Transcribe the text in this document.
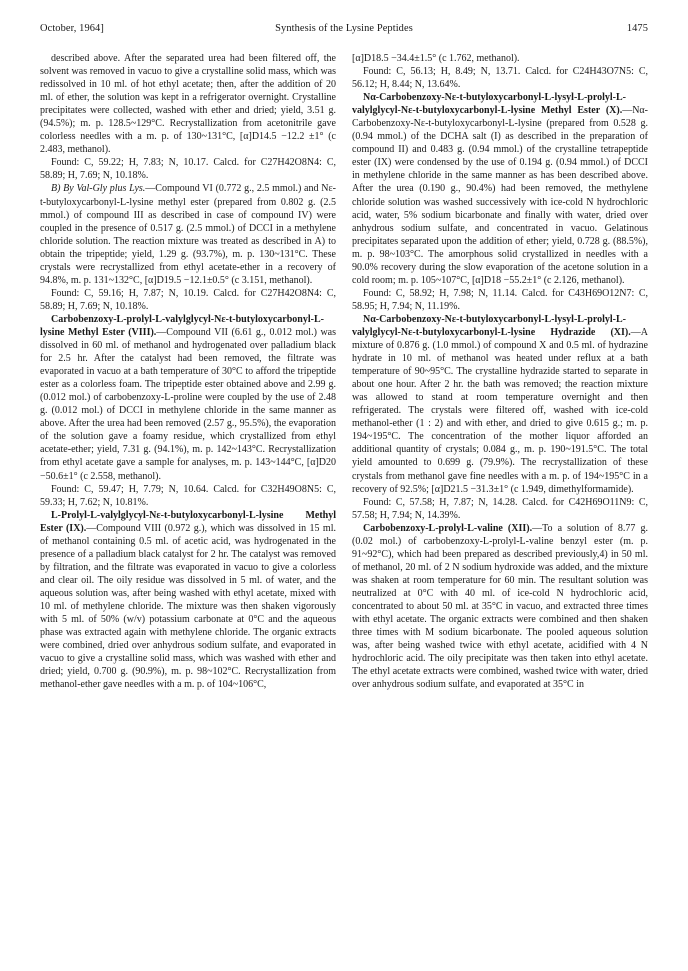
October, 1964]	Synthesis of the Lysine Peptides	1475

described above. After the separated urea had been filtered off, the solvent was removed in vacuo to give a crystalline solid mass, which was redissolved in 10 ml. of hot ethyl acetate; then, after the addition of 20 ml. of ether, the solution was kept in a refrigerator overnight. Crystalline precipitates were collected, washed with ether and dried; yield, 3.51 g. (94.5%); m. p. 128.5~129°C. Recrystallization from acetonitrile gave colorless needles with a m. p. of 130~131°C, [α]D14.5 −12.2 ±1° (c 2.483, methanol).

Found: C, 59.22; H, 7.83; N, 10.17. Calcd. for C27H42O8N4: C, 58.89; H, 7.69; N, 10.18%.

B) By Val-Gly plus Lys.—Compound VI (0.772 g., 2.5 mmol.) and Nε-t-butyloxycarbonyl-L-lysine methyl ester (prepared from 0.802 g. (2.5 mmol.) of compound III as described in case of compound IV) were coupled in the presence of 0.517 g. (2.5 mmol.) of DCCI in a methylene chloride solution. The reaction mixture was treated as described in A) to obtain the tripeptide; yield, 1.29 g. (93.7%), m. p. 130~131°C. These crystals were recrystallized from ethyl acetate-ether in a recovery of 94.8%, m. p. 131~132°C, [α]D19.5 −12.1±0.5° (c 3.151, methanol).

Found: C, 59.16; H, 7.87; N, 10.19. Calcd. for C27H42O8N4: C, 58.89; H, 7.69; N, 10.18%.

Carbobenzoxy-L-prolyl-L-valylglycyl-Nε-t-butyloxycarbonyl-L-lysine Methyl Ester (VIII).—Compound VII (6.61 g., 0.012 mol.) was dissolved in 60 ml. of methanol and hydrogenated over palladium black for 2.5 hr. After the catalyst had been removed, the filtrate was evaporated in vacuo at a bath temperature of 30°C to afford the tripeptide ester as a colorless foam. The tripeptide ester obtained above and 2.99 g. (0.012 mol.) of carbobenzoxy-L-proline were coupled by the use of 2.48 g. (0.012 mol.) of DCCI in methylene chloride in the same manner as above. After the urea had been removed (2.57 g., 95.5%), the evaporation of the solution gave a foamy residue, which crystallized from ethyl acetate-ether; yield, 7.31 g. (94.1%), m. p. 142~143°C. Recrystallization from ethyl acetate gave a sample for analyses, m. p. 143~144°C, [α]D20 −50.6±1° (c 2.558, methanol).

Found: C, 59.47; H, 7.79; N, 10.64. Calcd. for C32H49O8N5: C, 59.33; H, 7.62; N, 10.81%.

L-Prolyl-L-valylglycyl-Nε-t-butyloxycarbonyl-L-lysine Methyl Ester (IX).—Compound VIII (0.972 g.), which was dissolved in 15 ml. of methanol containing 0.5 ml. of acetic acid, was hydrogenated in the presence of a palladium black catalyst for 2 hr. The catalyst was removed by filtration, and the filtrate was evaporated in vacuo to give a colorless and clear oil. The oily residue was dissolved in 5 ml. of water, and the aqueous solution was, after being washed with ethyl acetate, mixed with 10 ml. of methylene chloride. The mixture was then shaken vigorously with 5 ml. of 50% (w/v) potassium carbonate at 0°C and the aqueous phase was extracted again with methylene chloride. The organic extracts were combined, dried over anhydrous sodium sulfate, and evaporated in vacuo to give a crystalline solid mass, which was washed with ether and dried; yield, 0.700 g. (90.9%), m. p. 98~102°C. Recrystallization from methanol-ether gave needles with a m. p. of 104~106°C,

[α]D18.5 −34.4±1.5° (c 1.762, methanol).

Found: C, 56.13; H, 8.49; N, 13.71. Calcd. for C24H43O7N5: C, 56.12; H, 8.44; N, 13.64%.

Nα-Carbobenzoxy-Nε-t-butyloxycarbonyl-L-lysyl-L-prolyl-L-valylglycyl-Nε-t-butyloxycarbonyl-L-lysine Methyl Ester (X).—Nα-Carbobenzoxy-Nε-t-butyloxycarbonyl-L-lysine (prepared from 0.528 g. (0.94 mmol.) of the DCHA salt (I) as described in the preparation of compound II) and 0.483 g. (0.94 mmol.) of the crystalline tetrapeptide ester (IX) were condensed by the use of 0.194 g. (0.94 mmol.) of DCCI in methylene chloride in the same manner as has been described above. After the urea (0.190 g., 90.4%) had been removed, the methylene chloride solution was washed successively with ice-cold N hydrochloric acid, water, 5% sodium bicarbonate and finally with water, dried over anhydrous sodium sulfate, and concentrated in vacuo. Gelatinous precipitates separated upon the addition of ether; yield, 0.728 g. (88.5%), m. p. 98~103°C. The amorphous solid crystallized in needles with a 90.0% recovery during the slow evaporation of the acetone solution in a cold room; m. p. 105~107°C, [α]D18 −55.2±1° (c 2.126, methanol).

Found: C, 58.92; H, 7.98; N, 11.14. Calcd. for C43H69O12N7: C, 58.95; H, 7.94; N, 11.19%.

Nα-Carbobenzoxy-Nε-t-butyloxycarbonyl-L-lysyl-L-prolyl-L-valylglycyl-Nε-t-butyloxycarbonyl-L-lysine Hydrazide (XI).—A mixture of 0.876 g. (1.0 mmol.) of compound X and 0.5 ml. of hydrazine hydrate in 10 ml. of methanol was heated under reflux at a bath temperature of 90~95°C. The crystalline hydrazide started to separate in about one hour. After 2 hr. the bath was removed; the reaction mixture was allowed to stand at room temperature overnight and then refrigerated. The crystals were filtered off, washed with ice-cold methanol-ether (1 : 2) and with ether, and dried to give 0.615 g.; m. p. 194~195°C. The concentration of the mother liquor afforded an additional quantity of crystals; 0.084 g., m. p. 190~191.5°C. The total yield amounted to 0.699 g. (79.9%). The recrystallization of these crystals from methanol gave fine needles with a m. p. of 194~195°C in a recovery of 92.5%; [α]D21.5 −31.3±1° (c 1.949, dimethylformamide).

Found: C, 57.58; H, 7.87; N, 14.28. Calcd. for C42H69O11N9: C, 57.58; H, 7.94; N, 14.39%.

Carbobenzoxy-L-prolyl-L-valine (XII).—To a solution of 8.77 g. (0.02 mol.) of carbobenzoxy-L-prolyl-L-valine benzyl ester (m. p. 91~92°C), which had been prepared as described previously,4) in 50 ml. of methanol, 20 ml. of 2 N sodium hydroxide was added, and the mixture was shaken at room temperature for 60 min. The resultant solution was neutralized at 0°C with 40 ml. of ice-cold N hydrochloric acid, concentrated to about 50 ml. at 35°C in vacuo, and extracted three times with ethyl acetate. The organic extracts were combined and then shaken three times with M sodium bicarbonate. The pooled aqueous solution was, after being washed twice with ethyl acetate, acidified with 4 N hydrochloric acid. The oily precipitate was then taken into ethyl acetate. The ethyl acetate extracts were combined, washed twice with water, dried over anhydrous sodium sulfate, and evaporated at 35°C in
